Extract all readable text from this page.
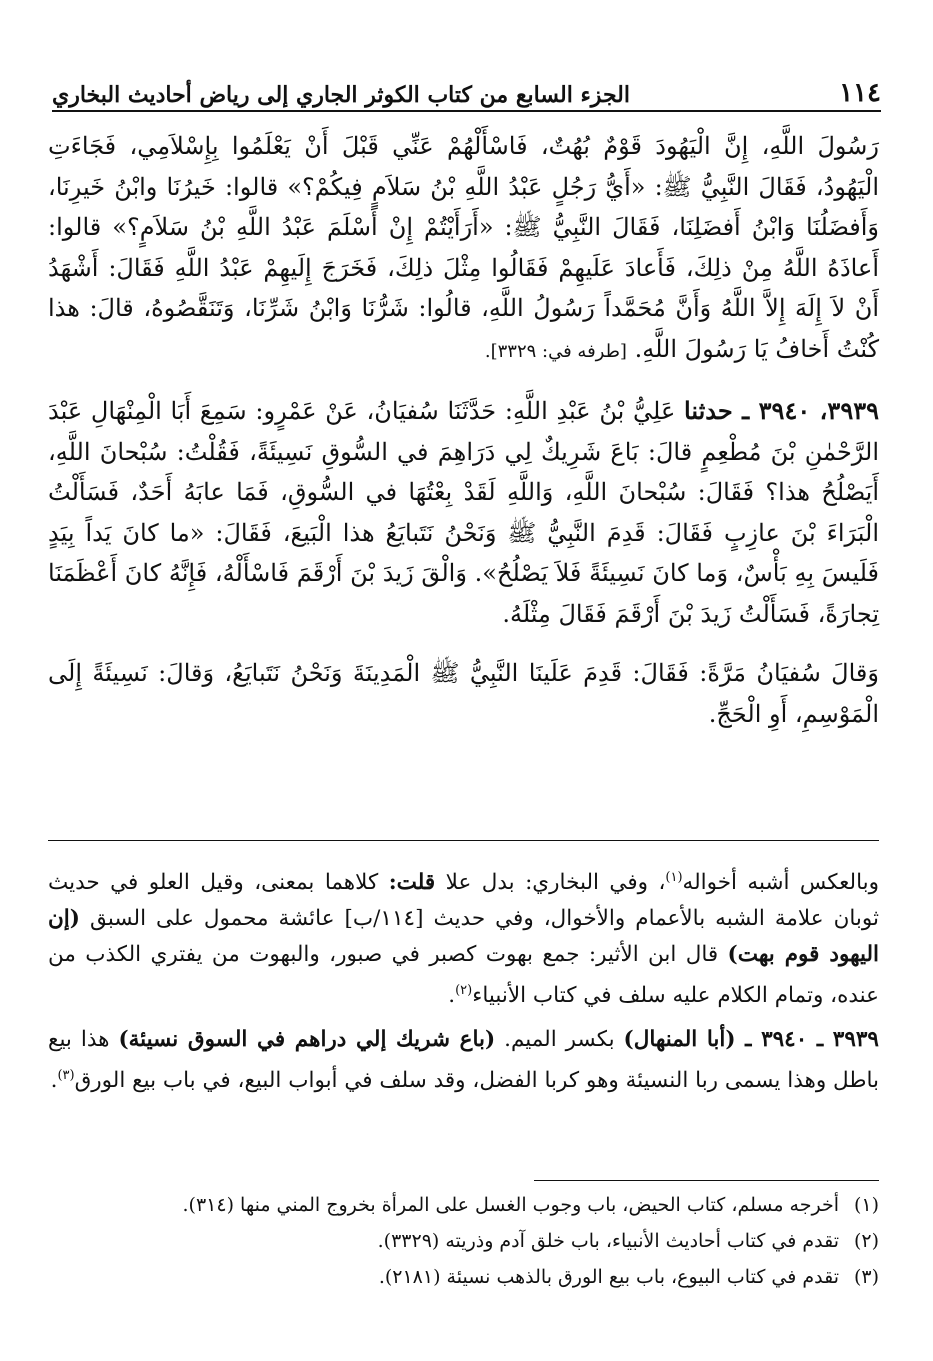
١١٤
الجزء السابع من كتاب الكوثر الجاري إلى رياض أحاديث البخاري

رَسُولَ اللَّهِ، إِنَّ الْيَهُودَ قَوْمٌ بُهُتٌ، فَاسْأَلْهُمْ عَنِّي قَبْلَ أَنْ يَعْلَمُوا بِإِسْلاَمِي، فَجَاءَتِ الْيَهُودُ، فَقَالَ النَّبِيُّ ﷺ: «أَيُّ رَجُلٍ عَبْدُ اللَّهِ بْنُ سَلاَمٍ فِيكُمْ؟» قالوا: خَيرُنَا وابْنُ خَيرِنَا، وَأَفضَلُنَا وَابْنُ أَفضَلِنَا، فَقَالَ النَّبِيُّ ﷺ: «أَرَأَيْتُمْ إِنْ أَسْلَمَ عَبْدُ اللَّهِ بْنُ سَلاَمٍ؟» قالوا: أَعاذَهُ اللَّهُ مِنْ ذلِكَ، فَأَعادَ عَلَيهِمْ فَقَالُوا مِثْلَ ذلِكَ، فَخَرَجَ إِلَيهِمْ عَبْدُ اللَّهِ فَقَالَ: أَشْهَدُ أَنْ لاَ إِلَهَ إِلاَّ اللَّهُ وَأَنَّ مُحَمَّداً رَسُولُ اللَّهِ، قالُوا: شَرُّنَا وَابْنُ شَرِّنَا، وَتَنَقَّصُوهُ، قالَ: هذا كُنْتُ أَخافُ يَا رَسُولَ اللَّهِ. [طرفه في: ٣٣٢٩].

٣٩٣٩، ٣٩٤٠ ـ حدثنا عَلِيُّ بْنُ عَبْدِ اللَّهِ: حَدَّثَنَا سُفيَانُ، عَنْ عَمْرٍو: سَمِعَ أَبَا الْمِنْهَالِ عَبْدَ الرَّحْمٰنِ بْنَ مُطْعِمٍ قالَ: بَاعَ شَرِيكٌ لِي دَرَاهِمَ في السُّوقِ نَسِيئَةً، فَقُلْتُ: سُبْحانَ اللَّهِ، أَيَصْلُحُ هذا؟ فَقَالَ: سُبْحانَ اللَّهِ، وَاللَّهِ لَقَدْ بِعْتُهَا في السُّوقِ، فَمَا عابَهُ أَحَدٌ، فَسَأَلْتُ الْبَرَاءَ بْنَ عازِبٍ فَقَالَ: قَدِمَ النَّبِيُّ ﷺ وَنَحْنُ نَتَبايَعُ هذا الْبَيعَ، فَقَالَ: «ما كانَ يَداً بِيَدٍ فَلَيسَ بِهِ بَأْسٌ، وَما كانَ نَسِيئَةً فَلاَ يَصْلُحُ». وَالْقَ زَيدَ بْنَ أَرْقَمَ فَاسْأَلْهُ، فَإِنَّهُ كانَ أَعْظَمَنَا تِجارَةً، فَسَأَلْتُ زَيدَ بْنَ أَرْقَمَ فَقَالَ مِثْلَهُ.

وَقالَ سُفيَانُ مَرَّةً: فَقَالَ: قَدِمَ عَلَينَا النَّبِيُّ ﷺ الْمَدِينَةَ وَنَحْنُ نَتَبايَعُ، وَقالَ: نَسِيئَةً إِلَى الْمَوْسِمِ، أَوِ الْحَجِّ.

وبالعكس أشبه أخواله$^{(١)}$، وفي البخاري: بدل علا قلت: كلاهما بمعنى، وقيل العلو في حديث ثوبان علامة الشبه بالأعمام والأخوال، وفي حديث [١١٤/ب] عائشة محمول على السبق (إن اليهود قوم بهت) قال ابن الأثير: جمع بهوت كصبر في صبور، والبهوت من يفتري الكذب من عنده، وتمام الكلام عليه سلف في كتاب الأنبياء$^{(٢)}$.

٣٩٣٩ ـ ٣٩٤٠ ـ (أبا المنهال) بكسر الميم. (باع شريك إلي دراهم في السوق نسيئة) هذا بيع باطل وهذا يسمى ربا النسيئة وهو كربا الفضل، وقد سلف في أبواب البيع، في باب بيع الورق$^{(٣)}$.

(١)
أخرجه مسلم، كتاب الحيض، باب وجوب الغسل على المرأة بخروج المني منها (٣١٤).
(٢)
تقدم في كتاب أحاديث الأنبياء، باب خلق آدم وذريته (٣٣٢٩).
(٣)
تقدم في كتاب البيوع، باب بيع الورق بالذهب نسيئة (٢١٨١).
